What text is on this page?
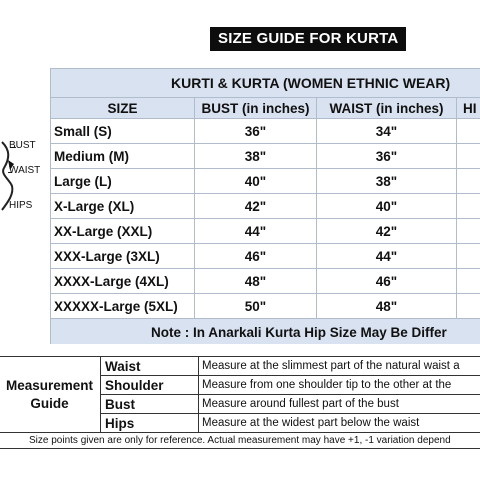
SIZE GUIDE FOR KURTA
BUST
WAIST
HIPS
KURTI & KURTA (WOMEN ETHNIC WEAR)			
SIZE	BUST (in inches)	WAIST (in inches)	HI
Small (S)	36"	34"	
Medium (M)	38"	36"	
Large (L)	40"	38"	
X-Large (XL)	42"	40"	
XX-Large (XXL)	44"	42"	
XXX-Large (3XL)	46"	44"	
XXXX-Large (4XL)	48"	46"	
XXXXX-Large (5XL)	50"	48"	
Note : In Anarkali Kurta Hip Size May Be Differ			
Measurement Guide	Waist	Measure at the slimmest part of the natural waist a
	Shoulder	Measure from one shoulder tip to the other at the
	Bust	Measure around fullest part of the bust
	Hips	Measure at the widest part below the waist
Size points given are only for reference. Actual measurement may have +1, -1 variation depend		
